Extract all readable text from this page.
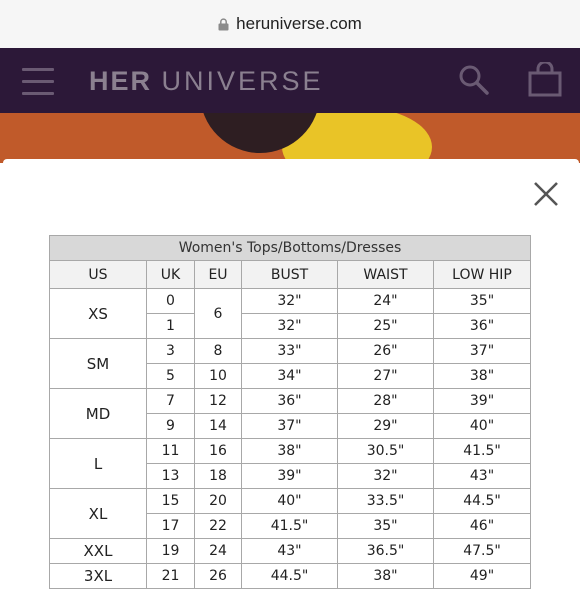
heruniverse.com
HER UNIVERSE
Women's Tops/Bottoms/Dresses					
US	UK	EU	BUST	WAIST	LOW HIP
XS	0	6	32"	24"	35"
	1		32"	25"	36"
SM	3	8	33"	26"	37"
	5	10	34"	27"	38"
MD	7	12	36"	28"	39"
	9	14	37"	29"	40"
L	11	16	38"	30.5"	41.5"
	13	18	39"	32"	43"
XL	15	20	40"	33.5"	44.5"
	17	22	41.5"	35"	46"
XXL	19	24	43"	36.5"	47.5"
3XL	21	26	44.5"	38"	49"
